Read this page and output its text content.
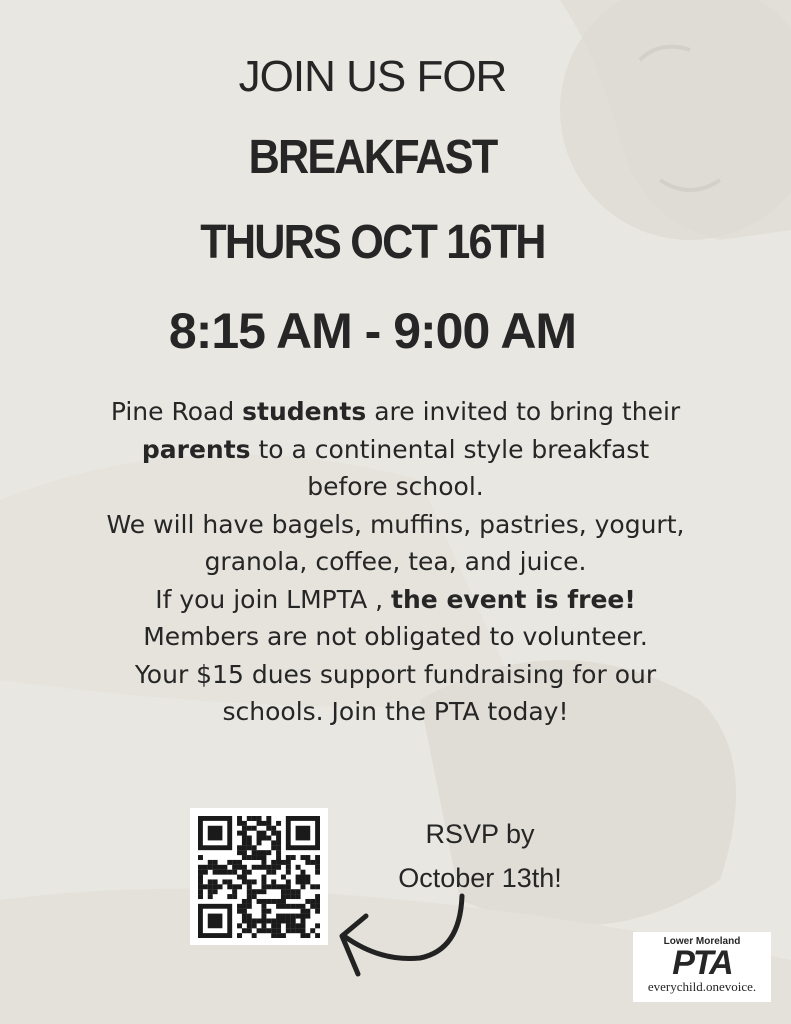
JOIN US FOR
BREAKFAST
THURS OCT 16TH
8:15 AM - 9:00 AM
Pine Road students are invited to bring their
parents to a continental style breakfast
before school.
We will have bagels, muffins, pastries, yogurt,
granola, coffee, tea, and juice.
If you join LMPTA , the event is free!
Members are not obligated to volunteer.
Your $15 dues support fundraising for our
schools. Join the PTA today!
RSVP by
October 13th!
Lower Moreland
PTA
everychild.onevoice.
